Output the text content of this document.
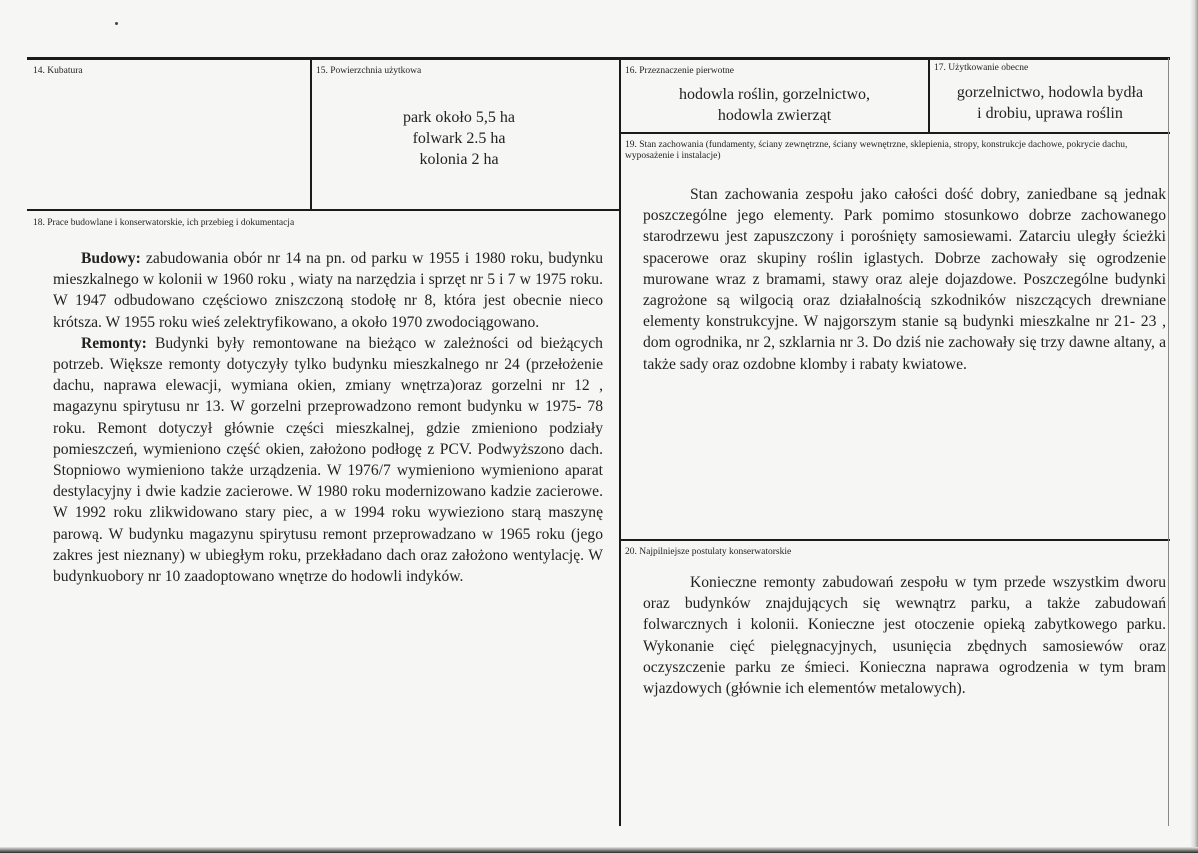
14. Kubatura	15. Powierzchnia użytkowa
park około 5,5 ha
folwark 2.5 ha
kolonia 2 ha
16. Przeznaczenie pierwotne
hodowla roślin, gorzelnictwo,
hodowla zwierząt
17. Użytkowanie obecne
gorzelnictwo, hodowla bydła
i drobiu, uprawa roślin
18. Prace budowlane i konserwatorskie, ich przebieg i dokumentacja

Budowy: zabudowania obór nr 14 na pn. od parku w 1955 i 1980 roku, budynku mieszkalnego w kolonii w 1960 roku , wiaty na narzędzia i sprzęt nr 5 i 7 w 1975 roku. W 1947 odbudowano częściowo zniszczoną stodołę nr 8, która jest obecnie nieco krótsza. W 1955 roku wieś zelektryfikowano, a około 1970 zwodociągowano.

Remonty: Budynki były remontowane na bieżąco w zależności od bieżących potrzeb. Większe remonty dotyczyły tylko budynku mieszkalnego nr 24 (przełożenie dachu, naprawa elewacji, wymiana okien, zmiany wnętrza)oraz gorzelni nr 12 , magazynu spirytusu nr 13. W gorzelni przeprowadzono remont budynku w 1975- 78 roku. Remont dotyczył głównie części mieszkalnej, gdzie zmieniono podziały pomieszczeń, wymieniono część okien, założono podłogę z PCV. Podwyższono dach. Stopniowo wymieniono także urządzenia. W 1976/7 wymieniono wymieniono aparat destylacyjny i dwie kadzie zacierowe. W 1980 roku modernizowano kadzie zacierowe. W 1992 roku zlikwidowano stary piec, a w 1994 roku wywieziono starą maszynę parową. W budynku magazynu spirytusu remont przeprowadzano w 1965 roku (jego zakres jest nieznany) w ubiegłym roku, przekładano dach oraz założono wentylację. W budynkuobory nr 10 zaadoptowano wnętrze do hodowli indyków.

19. Stan zachowania (fundamenty, ściany zewnętrzne, ściany wewnętrzne, sklepienia, stropy, konstrukcje dachowe, pokrycie dachu, wyposażenie i instalacje)

Stan zachowania zespołu jako całości dość dobry, zaniedbane są jednak poszczególne jego elementy. Park pomimo stosunkowo dobrze zachowanego starodrzewu jest zapuszczony i porośnięty samosiewami. Zatarciu uległy ścieżki spacerowe oraz skupiny roślin iglastych. Dobrze zachowały się ogrodzenie murowane wraz z bramami, stawy oraz aleje dojazdowe. Poszczególne budynki zagrożone są wilgocią oraz działalnością szkodników niszczących drewniane elementy konstrukcyjne. W najgorszym stanie są budynki mieszkalne nr 21- 23 , dom ogrodnika, nr 2, szklarnia nr 3. Do dziś nie zachowały się trzy dawne altany, a także sady oraz ozdobne klomby i rabaty kwiatowe.

20. Najpilniejsze postulaty konserwatorskie

Konieczne remonty zabudowań zespołu w tym przede wszystkim dworu oraz budynków znajdujących się wewnątrz parku, a także zabudowań folwarcznych i kolonii. Konieczne jest otoczenie opieką zabytkowego parku. Wykonanie cięć pielęgnacyjnych, usunięcia zbędnych samosiewów oraz oczyszczenie parku ze śmieci. Konieczna naprawa ogrodzenia w tym bram wjazdowych (głównie ich elementów metalowych).
